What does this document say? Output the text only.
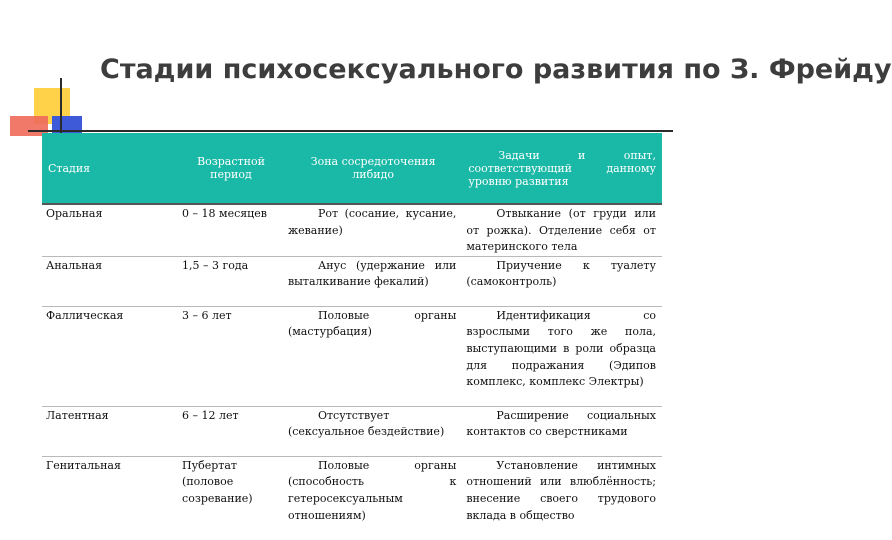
Стадии психосексуального развития по З. Фрейду
Стадия	Возрастной период	Зона сосредоточения либидо	Задачи и опыт, соответствующий данному уровню развития
Оральная	0 – 18 месяцев	Рот (сосание, кусание, жевание)	Отвыкание (от груди или от рожка). Отделение себя от материнского тела
Анальная	1,5 – 3 года	Анус (удержание или выталкивание фекалий)	Приучение к туалету (самоконтроль)
Фаллическая	3 – 6 лет	Половые органы (мастурбация)	Идентификация со взрослыми того же пола, выступающими в роли образца для подражания (Эдипов комплекс, комплекс Электры)
Латентная	6 – 12 лет	Отсутствует (сексуальное бездействие)	Расширение социальных контактов со сверстниками
Генитальная	Пубертат (половое созревание)	Половые органы (способность к гетеросексуальным отношениям)	Установление интимных отношений или влюблённость; внесение своего трудового вклада в общество
